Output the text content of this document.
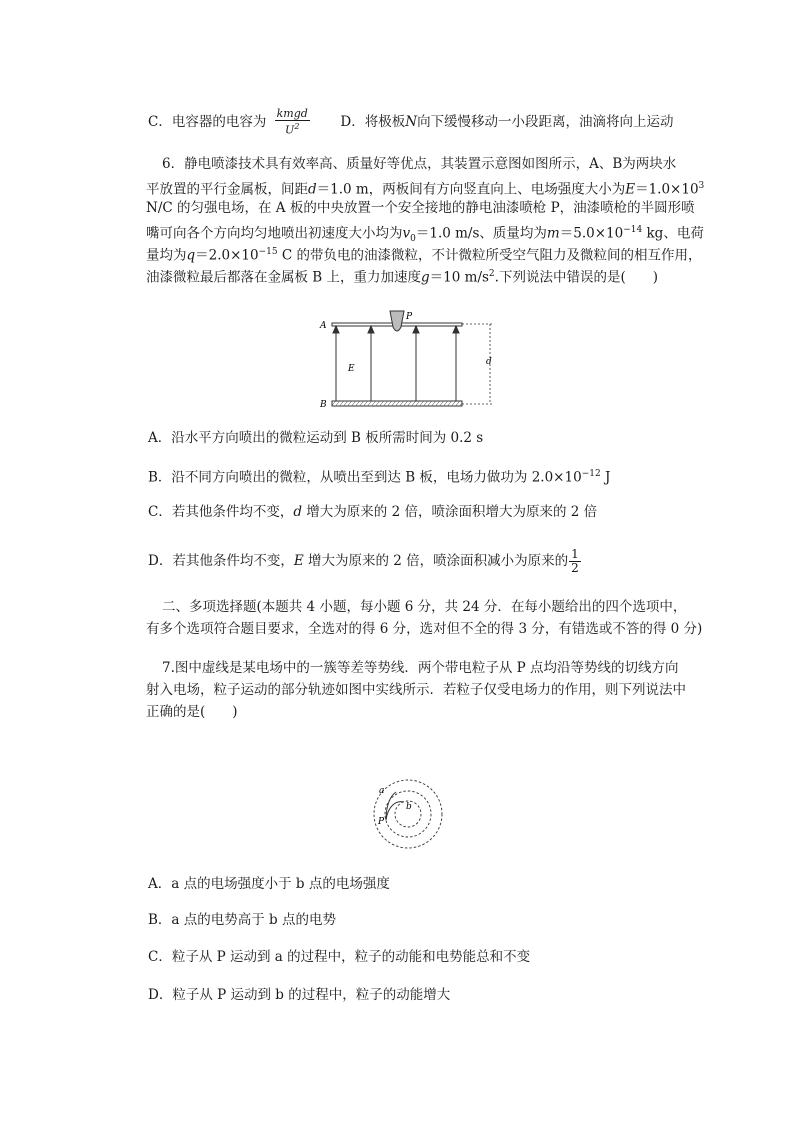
C．电容器的电容为 $\frac{\text{kmgd}}{U^2}$ D．将极板N向下缓慢移动一小段距离，油滴将向上运动
6．静电喷漆技术具有效率高、质量好等优点，其装置示意图如图所示，A、B为两块水
平放置的平行金属板，间距d＝1.0 m，两板间有方向竖直向上、电场强度大小为$E=1.0\times 10^3$
N/C 的匀强电场，在 A 板的中央放置一个安全接地的静电油漆喷枪 P，油漆喷枪的半圆形喷
嘴可向各个方向均匀地喷出初速度大小均为$v_0=1.0$ m/s、质量均为$m=5.0\times 10^{-14}$ kg、电荷
量均为$q=2.0\times 10^{-15}$ C 的带负电的油漆微粒，不计微粒所受空气阻力及微粒间的相互作用，
油漆微粒最后都落在金属板 B 上，重力加速度g＝10 $m/s^2$.下列说法中错误的是(　　)
A
B
P
E
d
A．沿水平方向喷出的微粒运动到 B 板所需时间为 0.2 s
B．沿不同方向喷出的微粒，从喷出至到达 B 板，电场力做功为 $2.0\times 10^{-12}$ J
C．若其他条件均不变，d 增大为原来的 2 倍，喷涂面积增大为原来的 2 倍
D．若其他条件均不变，E 增大为原来的 2 倍，喷涂面积减小为原来的 $\frac{1}{2}$
二、多项选择题(本题共 4 小题，每小题 6 分，共 24 分．在每小题给出的四个选项中，
有多个选项符合题目要求，全选对的得 6 分，选对但不全的得 3 分，有错选或不答的得 0 分)
7.图中虚线是某电场中的一簇等差等势线．两个带电粒子从 P 点均沿等势线的切线方向
射入电场，粒子运动的部分轨迹如图中实线所示．若粒子仅受电场力的作用，则下列说法中
正确的是(　　)
a
b
P
A．a 点的电场强度小于 b 点的电场强度
B．a 点的电势高于 b 点的电势
C．粒子从 P 运动到 a 的过程中，粒子的动能和电势能总和不变
D．粒子从 P 运动到 b 的过程中，粒子的动能增大
